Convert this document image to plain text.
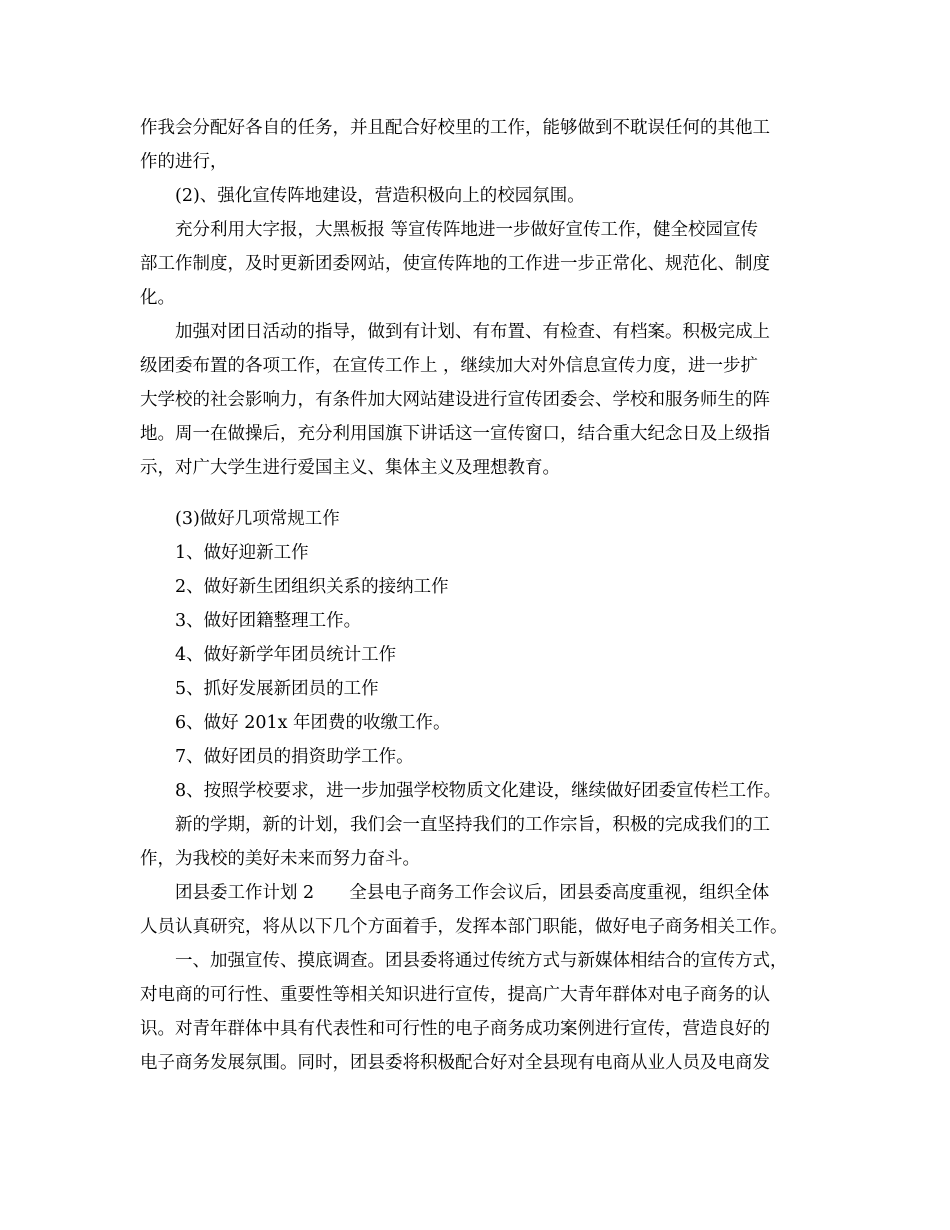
作我会分配好各自的任务，并且配合好校里的工作，能够做到不耽误任何的其他工

作的进行，

(2)、强化宣传阵地建设，营造积极向上的校园氛围。

充分利用大字报，大黑板报 等宣传阵地进一步做好宣传工作，健全校园宣传

部工作制度，及时更新团委网站，使宣传阵地的工作进一步正常化、规范化、制度

化。

加强对团日活动的指导，做到有计划、有布置、有检查、有档案。积极完成上

级团委布置的各项工作，在宣传工作上 ，继续加大对外信息宣传力度，进一步扩

大学校的社会影响力，有条件加大网站建设进行宣传团委会、学校和服务师生的阵

地。周一在做操后，充分利用国旗下讲话这一宣传窗口，结合重大纪念日及上级指

示，对广大学生进行爱国主义、集体主义及理想教育。

(3)做好几项常规工作

1、做好迎新工作

2、做好新生团组织关系的接纳工作

3、做好团籍整理工作。

4、做好新学年团员统计工作

5、抓好发展新团员的工作

6、做好 201x 年团费的收缴工作。

7、做好团员的捐资助学工作。

8、按照学校要求，进一步加强学校物质文化建设，继续做好团委宣传栏工作。

新的学期，新的计划，我们会一直坚持我们的工作宗旨，积极的完成我们的工

作，为我校的美好未来而努力奋斗。

团县委工作计划 2　　全县电子商务工作会议后，团县委高度重视，组织全体

人员认真研究，将从以下几个方面着手，发挥本部门职能，做好电子商务相关工作。

一、加强宣传、摸底调查。团县委将通过传统方式与新媒体相结合的宣传方式，

对电商的可行性、重要性等相关知识进行宣传，提高广大青年群体对电子商务的认

识。对青年群体中具有代表性和可行性的电子商务成功案例进行宣传，营造良好的

电子商务发展氛围。同时，团县委将积极配合好对全县现有电商从业人员及电商发
